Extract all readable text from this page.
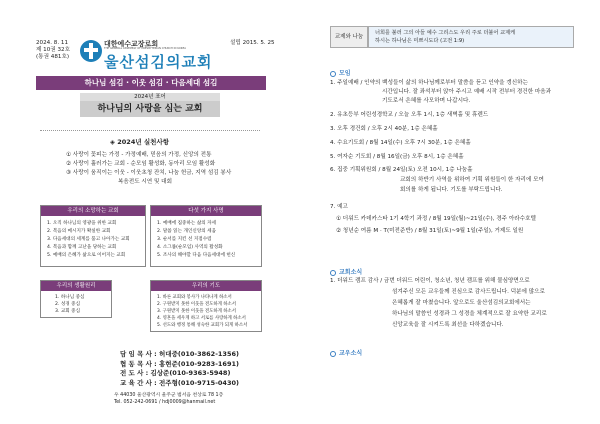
2024. 8. 11
제 10권 32호
(통권 481호)
대한예수교장로회
THE GENERAL ASSEMBLY OF PRESBYTERIAN CHURCH IN KOREA
설립 2015. 5. 25
울산섬김의교회
하나님 섬김 · 이웃 섬김 · 다음세대 섬김
2024년 표어
하나님의 사랑을 심는 교회
◈ 2024년 실천사항
① 사랑이 꽃피는 가정 - 가정예배, 믿음의 가정, 신앙의 전통
② 사랑이 흘러가는 교회 - 순모임 활성화, 동아리 모임 활성화
③ 사랑이 움직이는 이웃 - 이웃초청 잔치, 나눔 헌금, 지역 섬김 봉사
복음전도 시연 및 대회
우리의 소망하는 교회
1. 오직 하나님의 영광을 위한 교회
2. 복음의 메시지가 확실한 교회
3. 다음세대의 세계를 품고 나아가는 교회
4. 복음과 함께 고난을 당하는 교회
5. 예배의 은혜가 삶으로 이어지는 교회
다섯 가지 사명
1. 예배에 집중하는 삶의 자세
2. 말씀 읽는 개인신앙의 세움
3. 순서를 지킨 선 지점수렴
4. 소그룹(순모임) 사역의 활성화
5. 조사의 해야할 다음 다음세대에 헌신
우리의 생활원리
1. 하나님 중심
2. 성경 중심
3. 교회 중심
우리의 기도
1. 바른 교회와 봉사가 나타나게 하소서
2. 구원받지 못한 이웃을 전도하게 하소서
3. 구원받지 못한 이웃을 전도하게 하소서
4. 영혼을 세우게 하고 서로를 사랑하게 하소서
5. 선도와 행정 통해 성숙한 교회가 되게 하소서
담 임 목 사 : 허대중(010-3862-1356)
협 동 목 사 : 홍현준(010-9283-1691)
전 도 사 : 김상준(010-9363-5948)
교 육 간 사 : 전주형(010-9715-0430)
우 44030 울산광역시 울주군 범서읍 천상로 78 1층
Tel. 052-242-0691 / hdj0009@hanmail.net
교제와 나눔
너희를 불러 그의 아들 예수 그리스도 우리 주로 더불어 교제케
하시는 하나님은 미쁘시도다 (고전 1:9)
모임
1. 주일예배 / 인약의 백성들이 삶의 하나님께로부터 말씀을 듣고 인약을 갱신하는
시간입니다. 잘 좌석부터 앉아 주시고 예배 시작 전부터 경건한 마음과
기도로서 은혜를 사모하며 나갑시다.
2. 유초등부 어린성경학교 / 오늘 오후 1시, 1층 새벽홀 및 휴렌드
3. 오후 경건회 / 오후 2시 40분, 1층 은혜홀
4. 수요기도회 / 8월 14일(수) 오후 7시 30분, 1층 은혜홀
5. 여자순 기도회 / 8월 16일(금) 오후 8시, 1층 은혜홀
6. 집중 기획위원회 / 8월 24일(토) 오전 10시, 1층 나눔홀
교회의 하반기 사역을 위하여 기획 위원들이 한 자리에 모여
회의를 하게 됩니다. 기도를 부탁드립니다.
7. 예고
① 더워드 카데카스타 1기 4학기 과정 / 8월 19일(월)~21일(수), 경주 아라수호텔
② 청년순 여름 M · T(미전준반) / 8월 31일(토)~9월 1일(주일), 거제도 일원
교회소식
1. 더워드 캠프 감사 / 금번 더워드 어린이, 청소년, 청년 캠프를 위해 물심양면으로
섬겨주신 모든 교우들께 진심으로 감사드립니다. 덕분에 많으로
은혜롭게 잘 마쳤습니다. 앞으로도 울산섬김의교회에서는
하나님의 말씀인 성경과 그 성경을 체계적으로 잘 요약한 교리로
신앙교육을 잘 시켜드록 최선을 다하겠습니다.
교우소식
